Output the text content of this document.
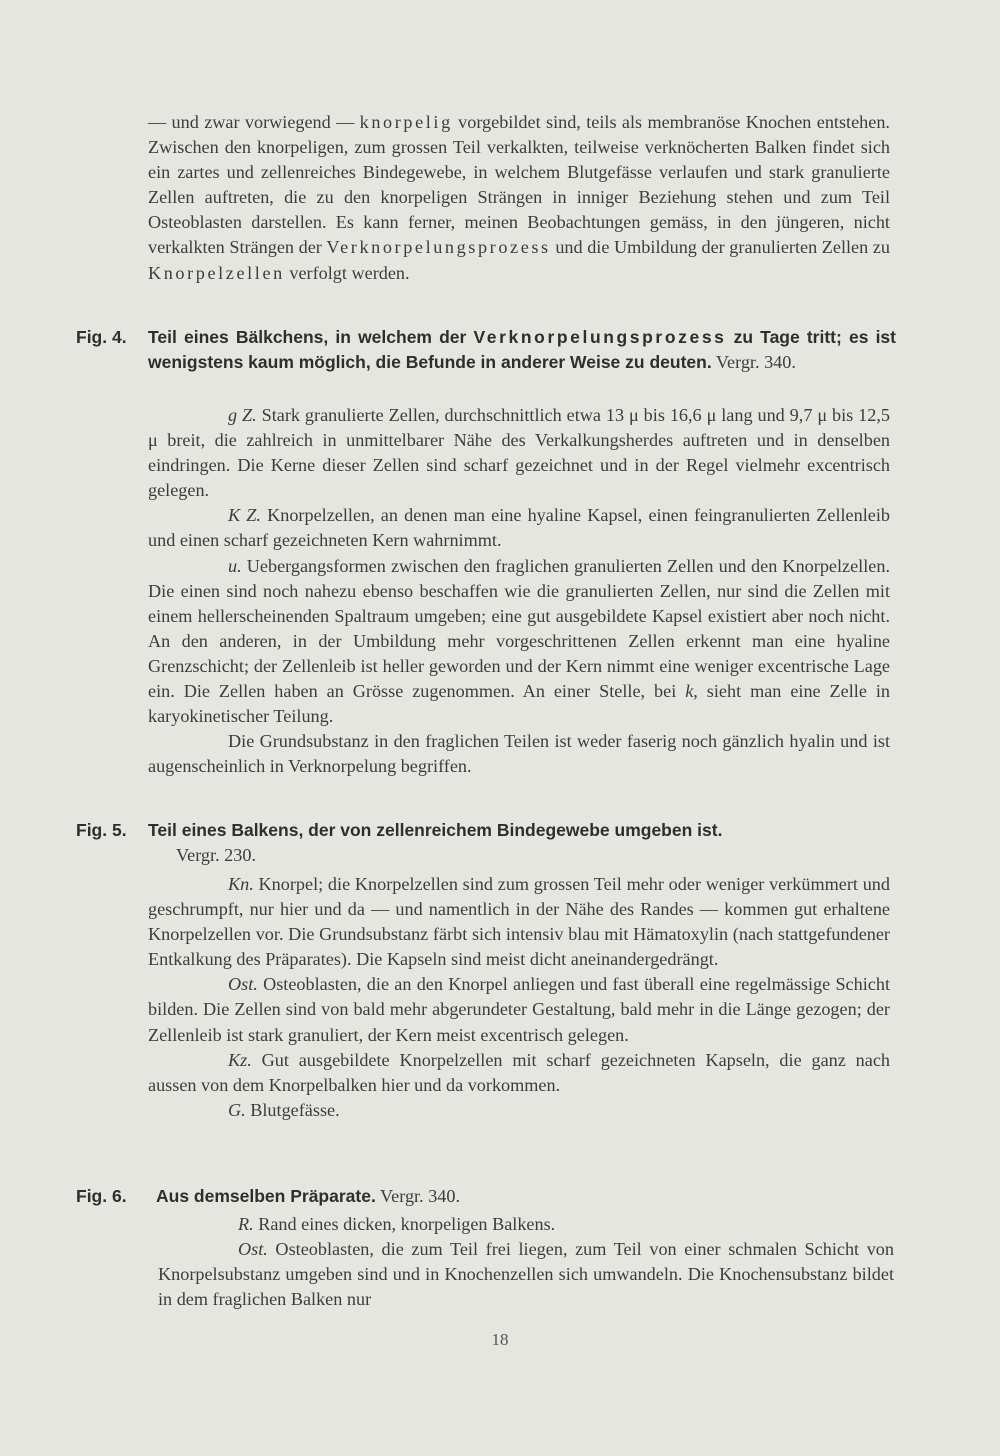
— und zwar vorwiegend — knorpelig vorgebildet sind, teils als membranöse Knochen entstehen. Zwischen den knorpeligen, zum grossen Teil verkalkten, teilweise verknöcherten Balken findet sich ein zartes und zellenreiches Bindegewebe, in welchem Blutgefässe verlaufen und stark granulierte Zellen auftreten, die zu den knorpeligen Strängen in inniger Beziehung stehen und zum Teil Osteoblasten darstellen. Es kann ferner, meinen Beobachtungen gemäss, in den jüngeren, nicht verkalkten Strängen der Verknorpelungsprozess und die Umbildung der granulierten Zellen zu Knorpelzellen verfolgt werden.

Fig. 4. Teil eines Bälkchens, in welchem der Verknorpelungsprozess zu Tage tritt; es ist wenigstens kaum möglich, die Befunde in anderer Weise zu deuten. Vergr. 340.

g Z. Stark granulierte Zellen, durchschnittlich etwa 13 μ bis 16,6 μ lang und 9,7 μ bis 12,5 μ breit, die zahlreich in unmittelbarer Nähe des Verkalkungsherdes auftreten und in denselben eindringen. Die Kerne dieser Zellen sind scharf gezeichnet und in der Regel vielmehr excentrisch gelegen.

K Z. Knorpelzellen, an denen man eine hyaline Kapsel, einen feingranulierten Zellenleib und einen scharf gezeichneten Kern wahrnimmt.

u. Uebergangsformen zwischen den fraglichen granulierten Zellen und den Knorpelzellen. Die einen sind noch nahezu ebenso beschaffen wie die granulierten Zellen, nur sind die Zellen mit einem hellerscheinenden Spaltraum umgeben; eine gut ausgebildete Kapsel existiert aber noch nicht. An den anderen, in der Umbildung mehr vorgeschrittenen Zellen erkennt man eine hyaline Grenzschicht; der Zellenleib ist heller geworden und der Kern nimmt eine weniger excentrische Lage ein. Die Zellen haben an Grösse zugenommen. An einer Stelle, bei k, sieht man eine Zelle in karyokinetischer Teilung.

Die Grundsubstanz in den fraglichen Teilen ist weder faserig noch gänzlich hyalin und ist augenscheinlich in Verknorpelung begriffen.

Fig. 5. Teil eines Balkens, der von zellenreichem Bindegewebe umgeben ist.
Vergr. 230.

Kn. Knorpel; die Knorpelzellen sind zum grossen Teil mehr oder weniger verkümmert und geschrumpft, nur hier und da — und namentlich in der Nähe des Randes — kommen gut erhaltene Knorpelzellen vor. Die Grundsubstanz färbt sich intensiv blau mit Hämatoxylin (nach stattgefundener Entkalkung des Präparates). Die Kapseln sind meist dicht aneinandergedrängt.

Ost. Osteoblasten, die an den Knorpel anliegen und fast überall eine regelmässige Schicht bilden. Die Zellen sind von bald mehr abgerundeter Gestaltung, bald mehr in die Länge gezogen; der Zellenleib ist stark granuliert, der Kern meist excentrisch gelegen.

Kz. Gut ausgebildete Knorpelzellen mit scharf gezeichneten Kapseln, die ganz nach aussen von dem Knorpelbalken hier und da vorkommen.

G. Blutgefässe.

Fig. 6. Aus demselben Präparate. Vergr. 340.

R. Rand eines dicken, knorpeligen Balkens.

Ost. Osteoblasten, die zum Teil frei liegen, zum Teil von einer schmalen Schicht von Knorpelsubstanz umgeben sind und in Knochenzellen sich umwandeln. Die Knochensubstanz bildet in dem fraglichen Balken nur

18
